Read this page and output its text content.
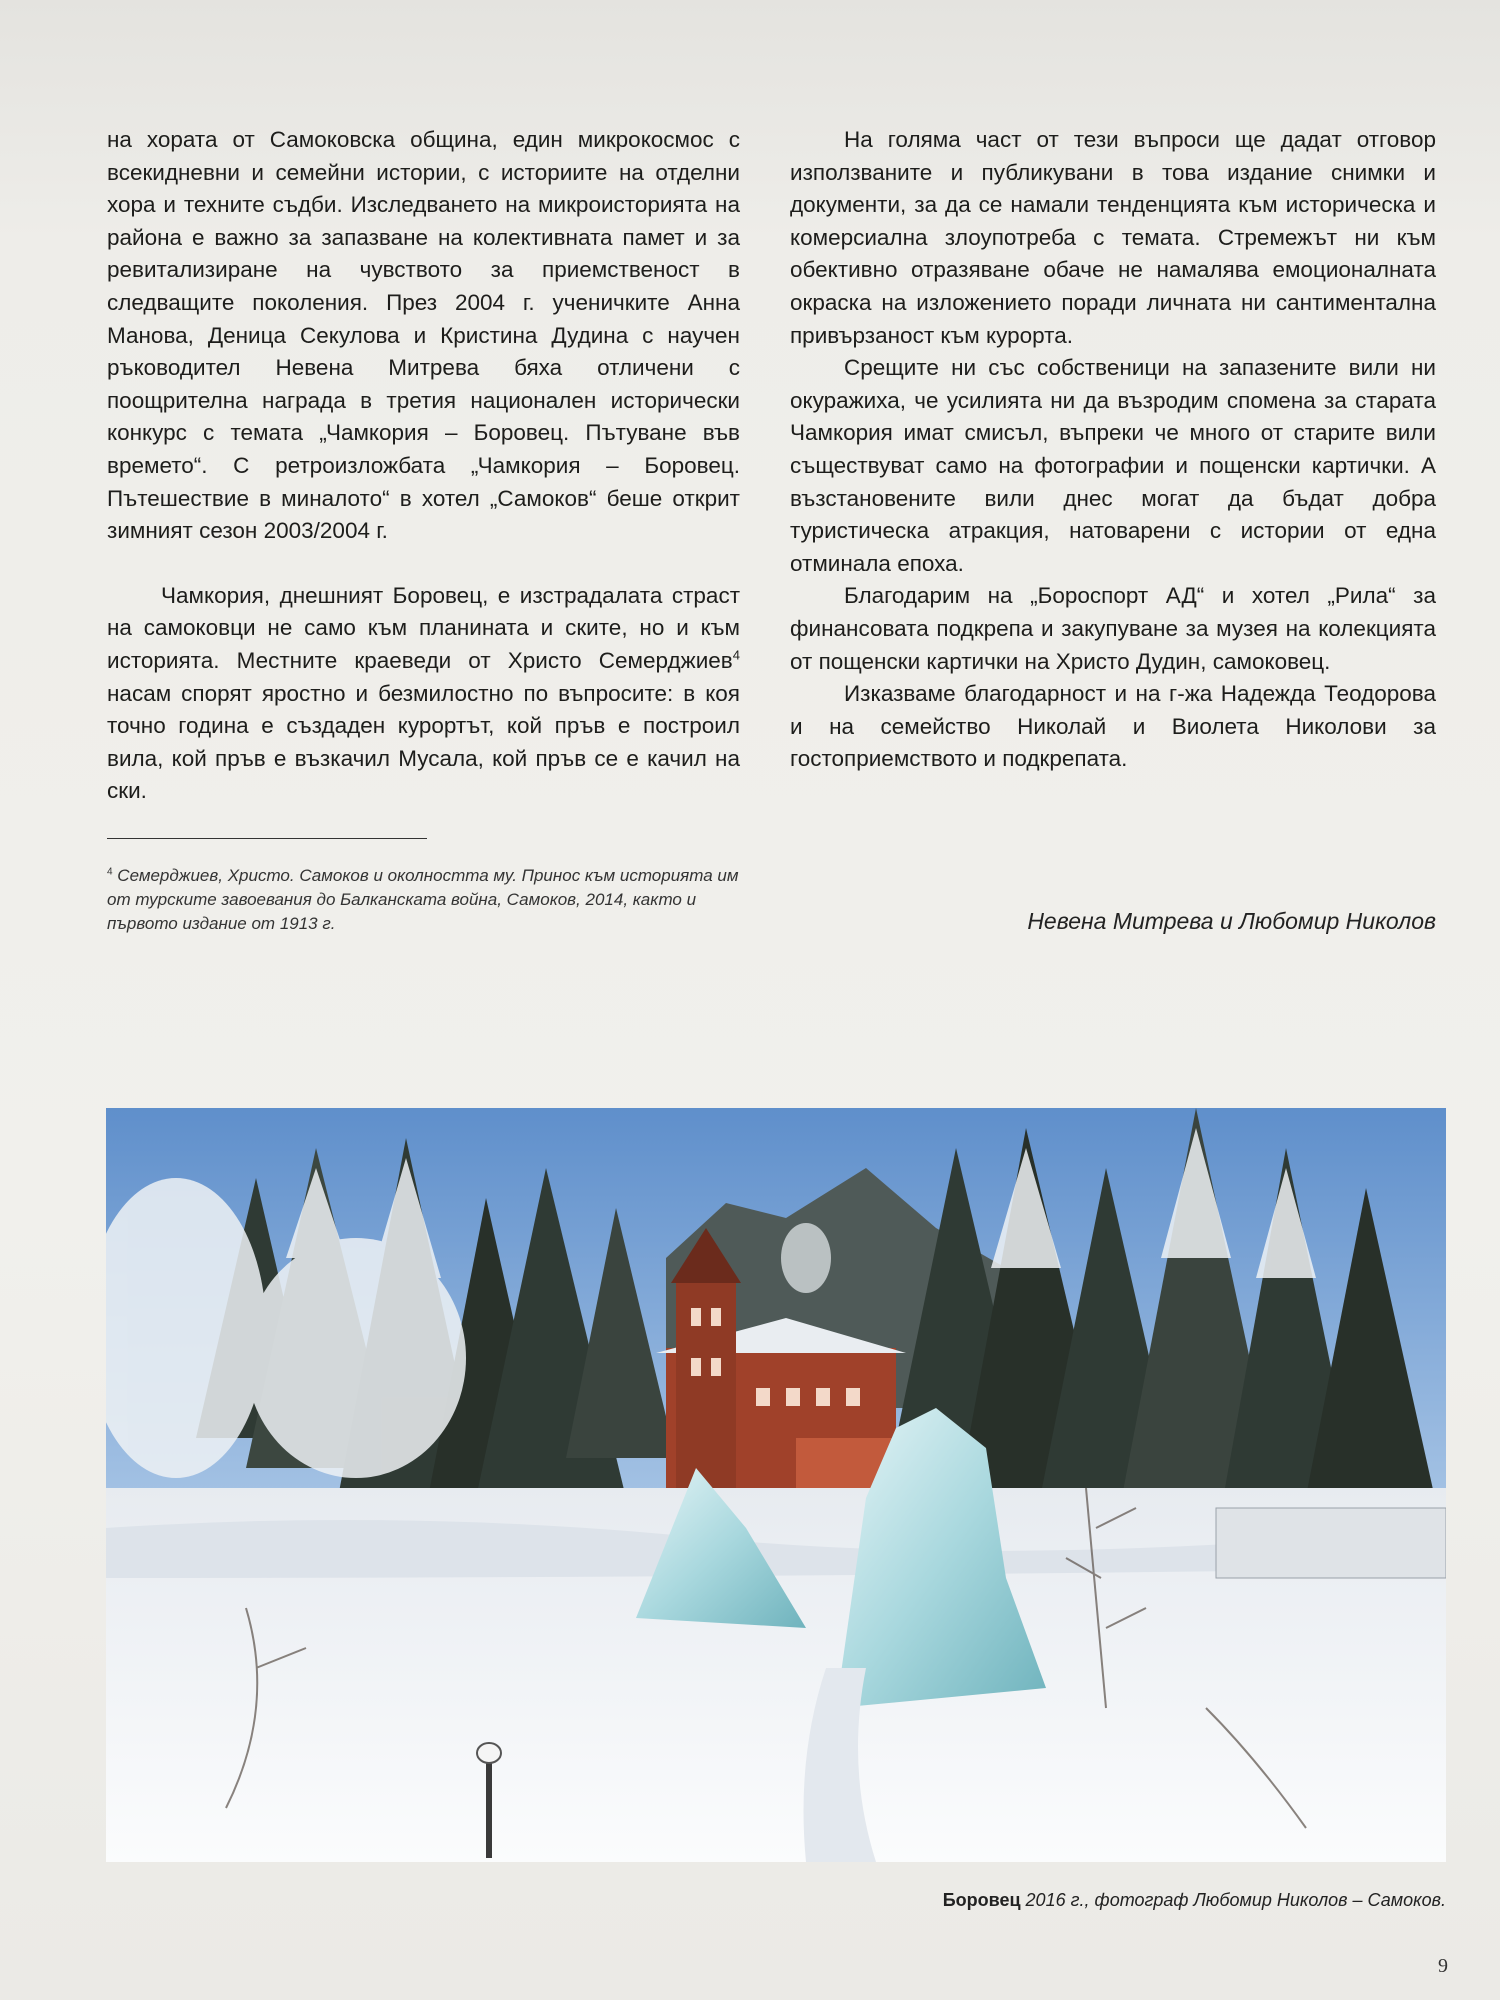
на хората от Самоковска община, един микрокосмос с всекидневни и семейни истории, с историите на отделни хора и техните съдби. Изследването на микроисторията на района е важно за запазване на колективната памет и за ревитализиране на чувството за приемственост в следващите поколения. През 2004 г. ученичките Анна Манова, Деница Секулова и Кристина Дудина с научен ръководител Невена Митрева бяха отличени с поощрителна награда в третия национален исторически конкурс с темата „Чамкория – Боровец. Пътуване във времето“. С ретроизложбата „Чамкория – Боровец. Пътешествие в миналото“ в хотел „Самоков“ беше открит зимният сезон 2003/2004 г.

Чамкория, днешният Боровец, е изстрадалата страст на самоковци не само към планината и ските, но и към историята. Местните краеведи от Христо Семерджиев$^4$ насам спорят яростно и безмилостно по въпросите: в коя точно година е създаден курортът, кой пръв е построил вила, кой пръв е възкачил Мусала, кой пръв се е качил на ски.

На голяма част от тези въпроси ще дадат отговор използваните и публикувани в това издание снимки и документи, за да се намали тенденцията към историческа и комерсиална злоупотреба с темата. Стремежът ни към обективно отразяване обаче не намалява емоционалната окраска на изложението поради личната ни сантиментална привързаност към курорта.

Срещите ни със собственици на запазените вили ни окуражиха, че усилията ни да възродим спомена за старата Чамкория имат смисъл, въпреки че много от старите вили съществуват само на фотографии и пощенски картички. А възстановените вили днес могат да бъдат добра туристическа атракция, натоварени с истории от една отминала епоха.

Благодарим на „Бороспорт АД“ и хотел „Рила“ за финансовата подкрепа и закупуване за музея на колекцията от пощенски картички на Христо Дудин, самоковец.

Изказваме благодарност и на г-жа Надежда Теодорова и на семейство Николай и Виолета Николови за гостоприемството и подкрепата.

$^4$ Семерджиев, Христо. Самоков и околността му. Принос към историята им от турските завоевания до Балканската война, Самоков, 2014, както и първото издание от 1913 г.	Невена Митрева и Любомир Николов
Боровец 2016 г., фотограф Любомир Николов – Самоков.
9
